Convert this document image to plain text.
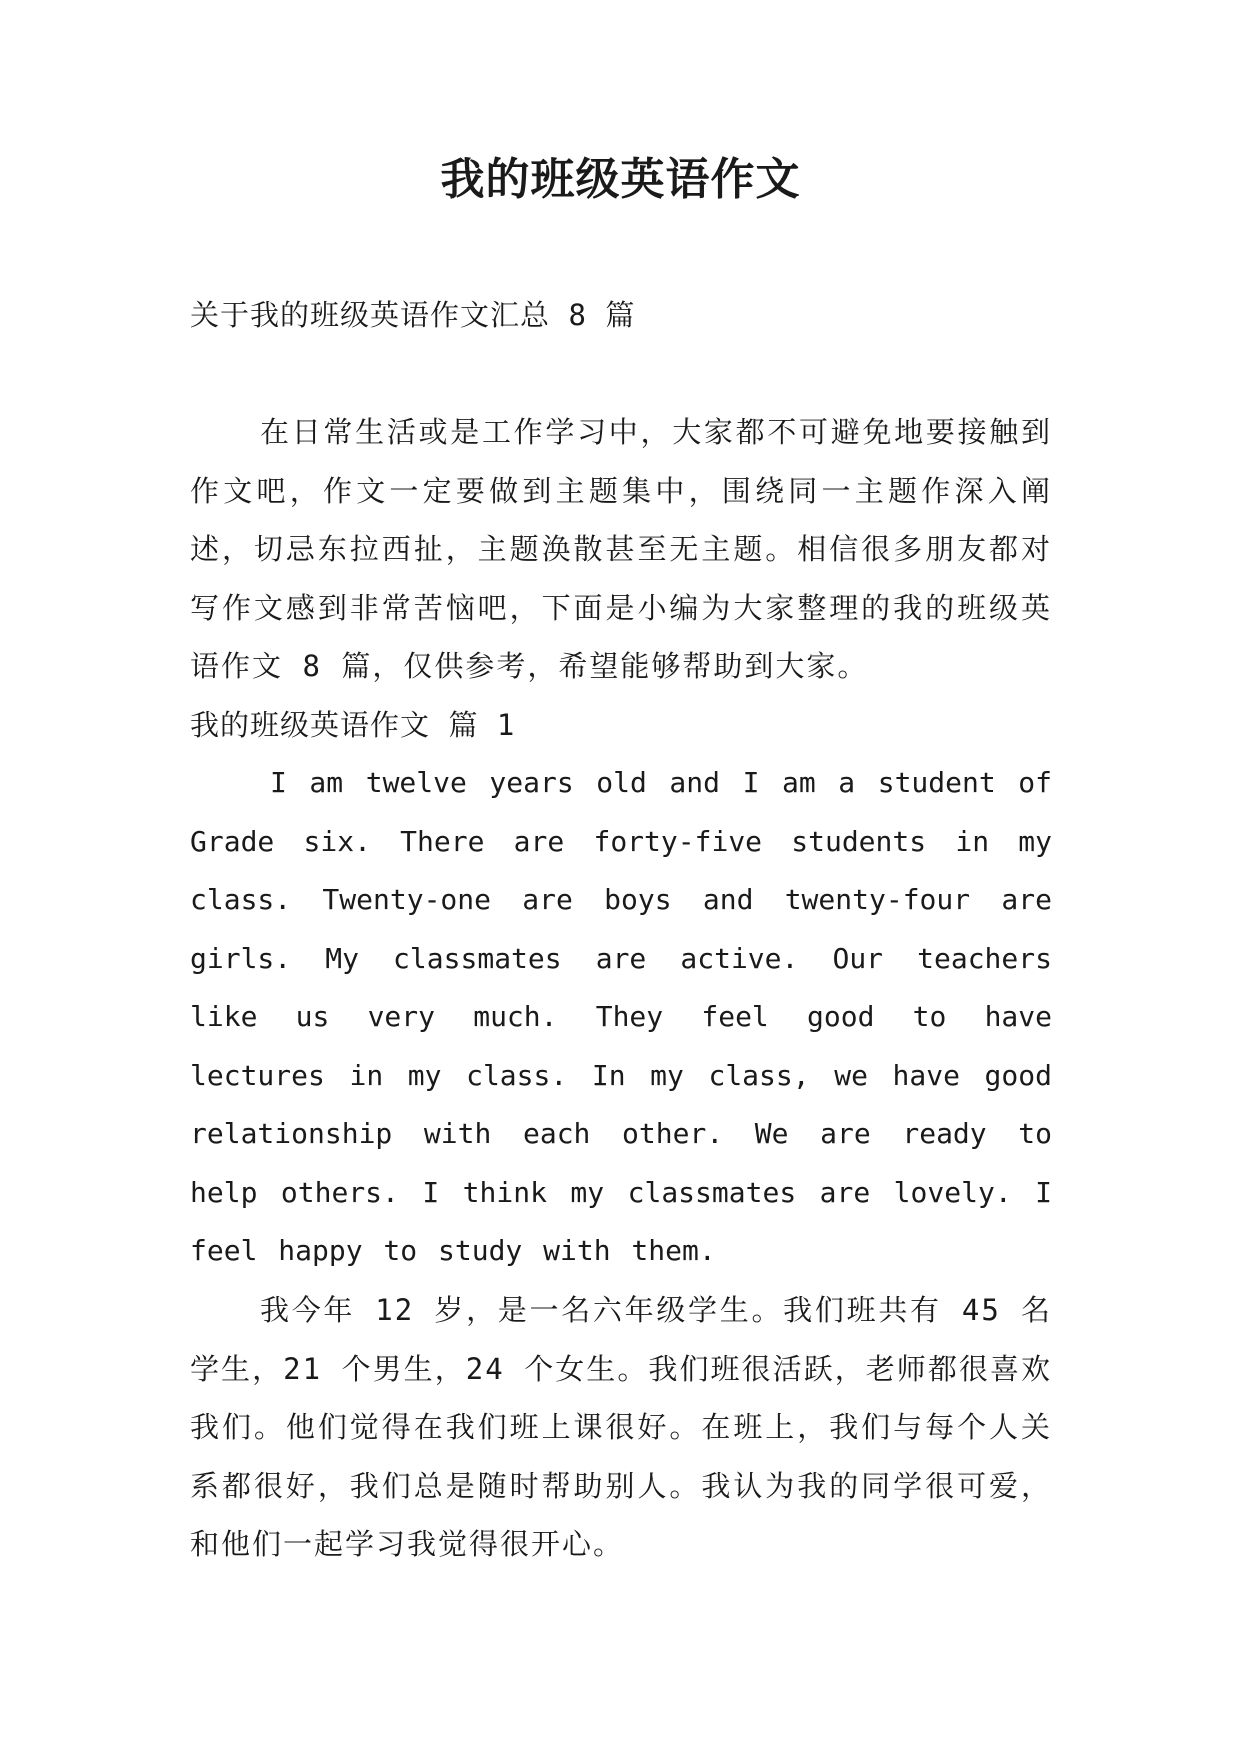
我的班级英语作文

关于我的班级英语作文汇总 8 篇

在日常生活或是工作学习中，大家都不可避免地要接触到作文吧，作文一定要做到主题集中，围绕同一主题作深入阐述，切忌东拉西扯，主题涣散甚至无主题。相信很多朋友都对写作文感到非常苦恼吧，下面是小编为大家整理的我的班级英语作文 8 篇，仅供参考，希望能够帮助到大家。

我的班级英语作文 篇 1

I am twelve years old and I am a student of Grade six. There are forty-five students in my class. Twenty-one are boys and twenty-four are girls. My classmates are active. Our teachers like us very much. They feel good to have lectures in my class. In my class, we have good relationship with each other. We are ready to help others. I think my classmates are lovely. I feel happy to study with them.

我今年 12 岁，是一名六年级学生。我们班共有 45 名学生，21 个男生，24 个女生。我们班很活跃，老师都很喜欢我们。他们觉得在我们班上课很好。在班上，我们与每个人关系都很好，我们总是随时帮助别人。我认为我的同学很可爱，和他们一起学习我觉得很开心。
